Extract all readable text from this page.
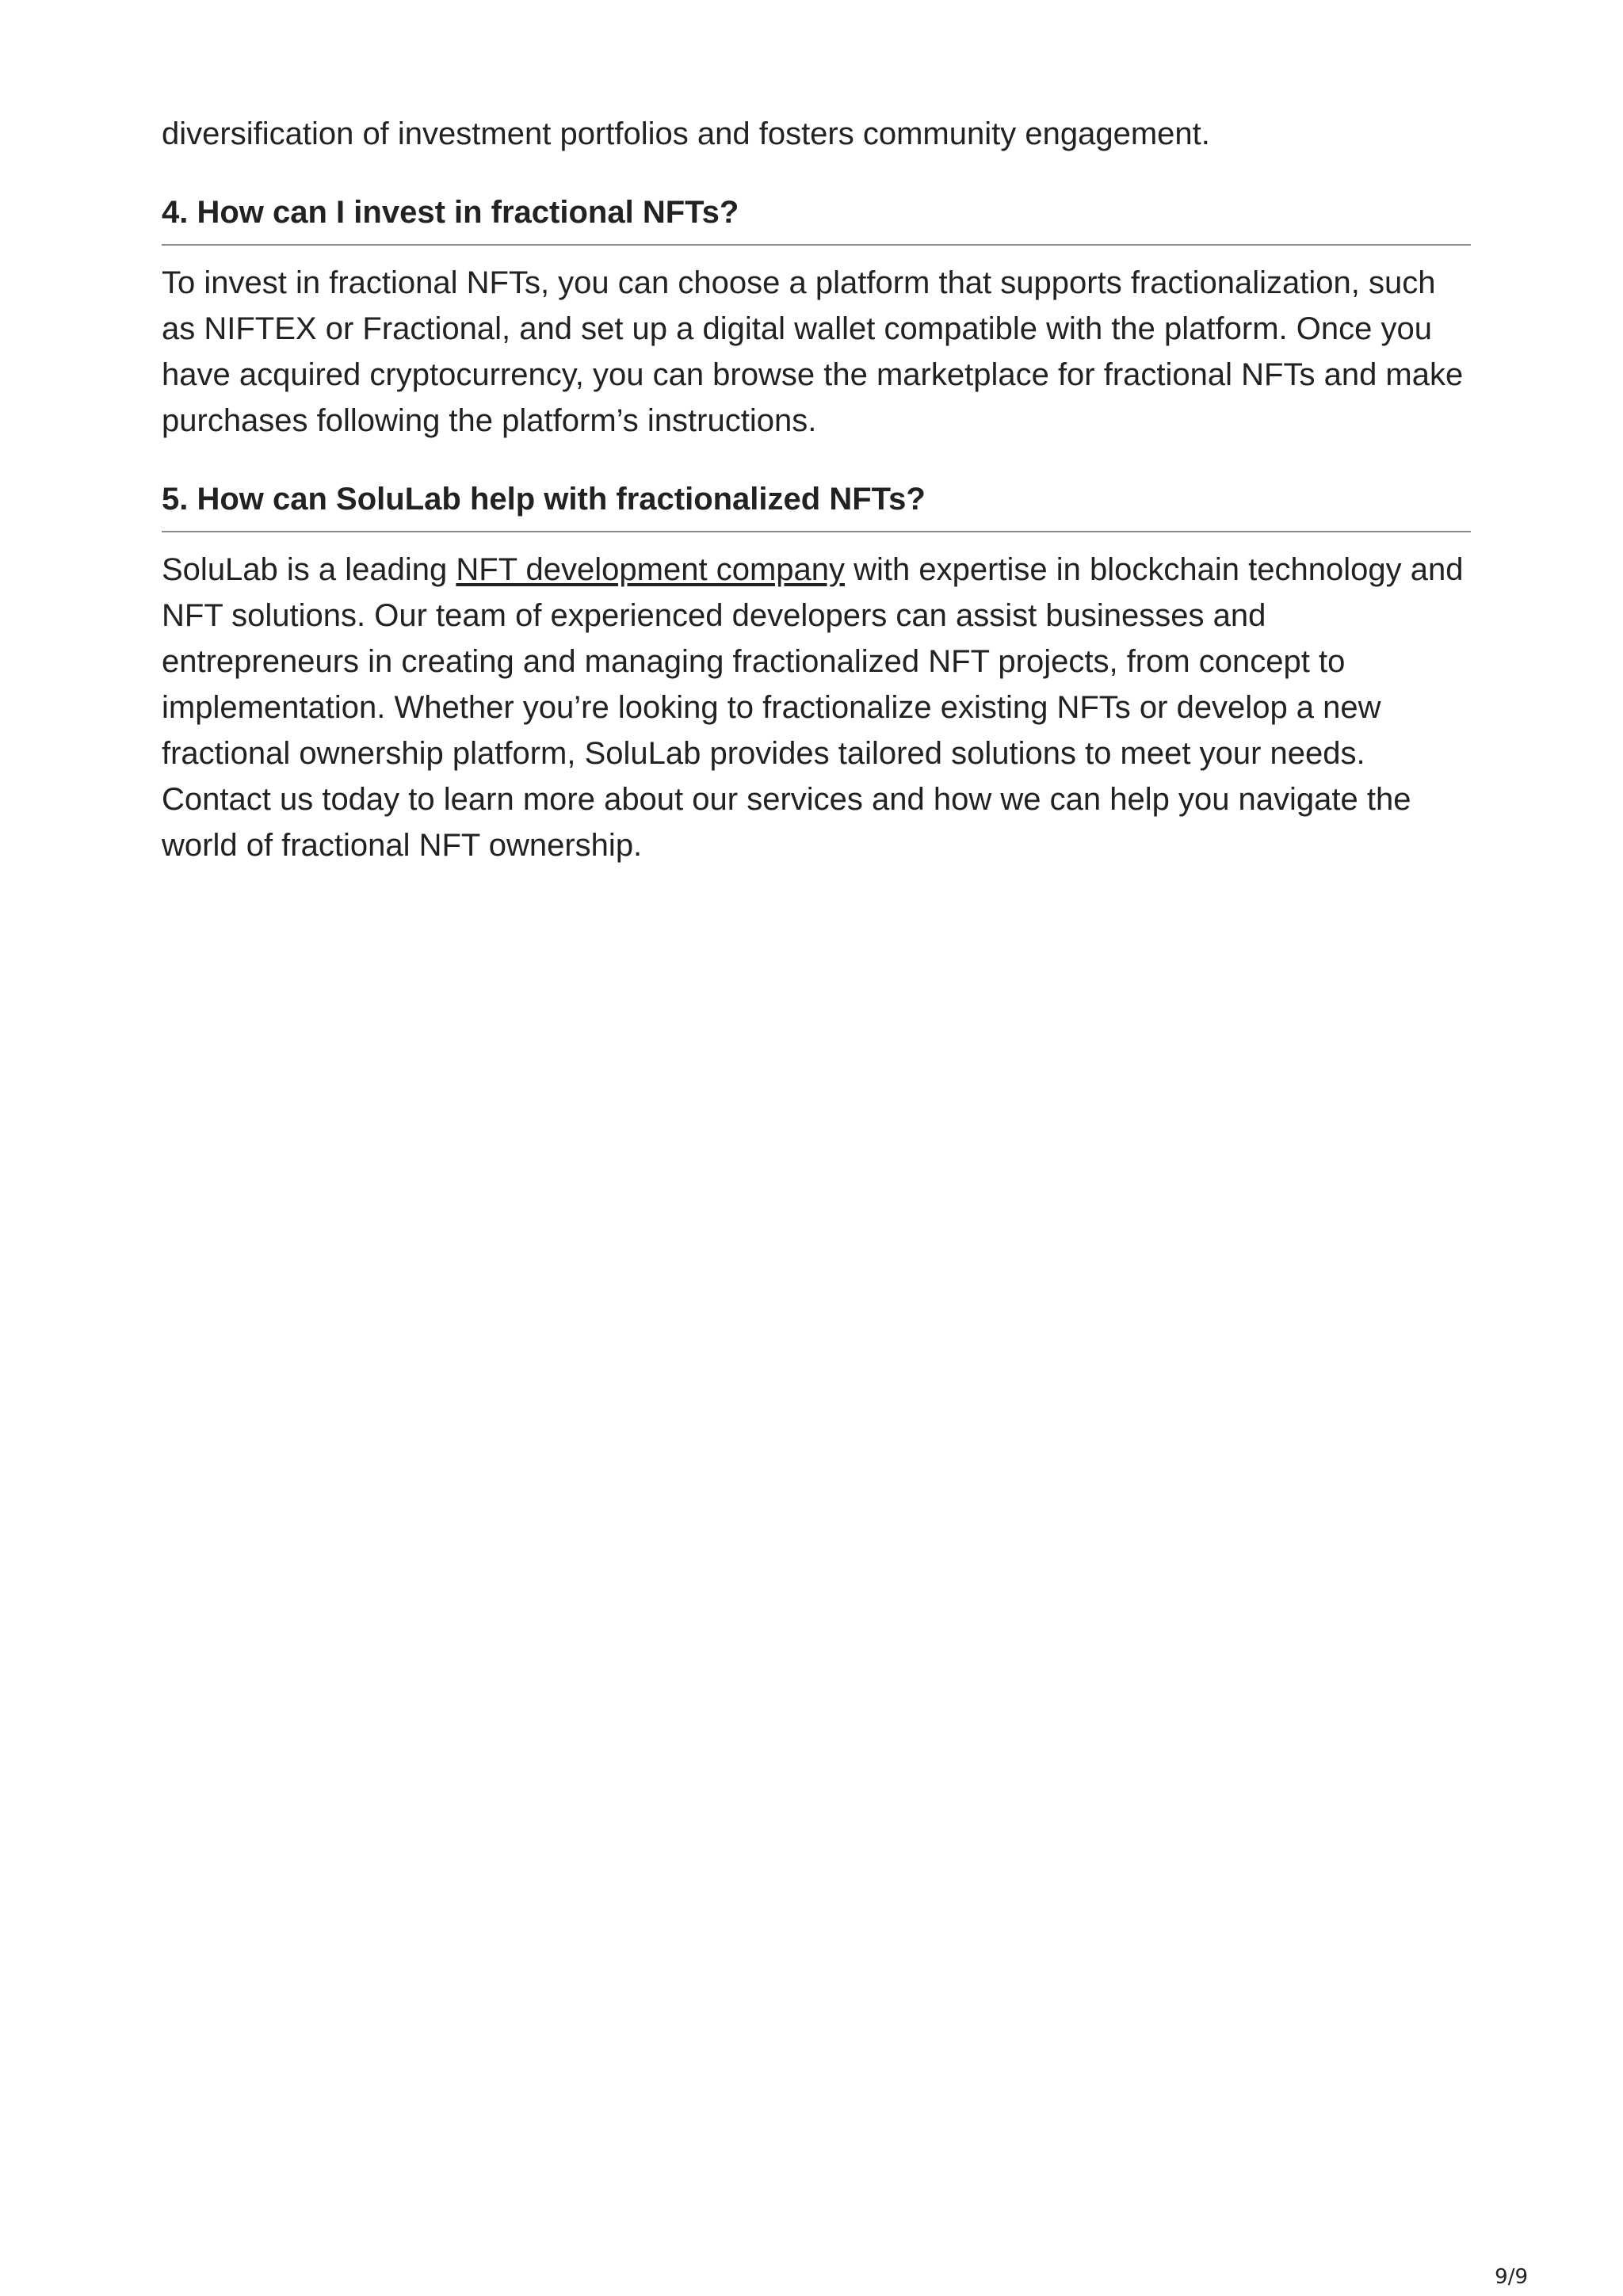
diversification of investment portfolios and fosters community engagement.

4. How can I invest in fractional NFTs?

To invest in fractional NFTs, you can choose a platform that supports fractionalization, such as NIFTEX or Fractional, and set up a digital wallet compatible with the platform. Once you have acquired cryptocurrency, you can browse the marketplace for fractional NFTs and make purchases following the platform’s instructions.

5. How can SoluLab help with fractionalized NFTs?

SoluLab is a leading NFT development company with expertise in blockchain technology and NFT solutions. Our team of experienced developers can assist businesses and entrepreneurs in creating and managing fractionalized NFT projects, from concept to implementation. Whether you’re looking to fractionalize existing NFTs or develop a new fractional ownership platform, SoluLab provides tailored solutions to meet your needs. Contact us today to learn more about our services and how we can help you navigate the world of fractional NFT ownership.

9/9
